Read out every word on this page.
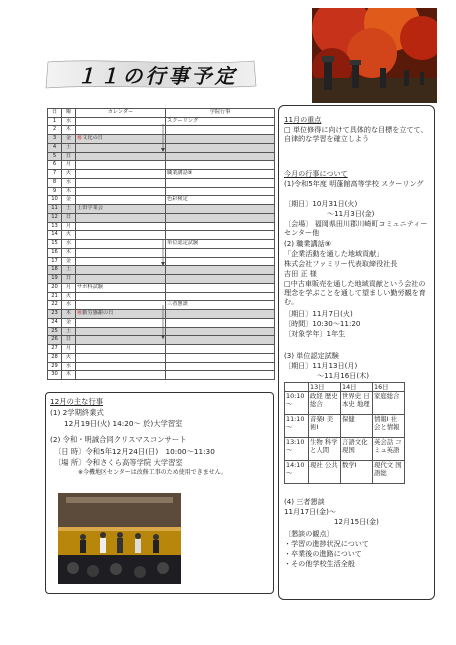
１１の行事予定
日	曜	カレンダー	学院行事
1	水		スクーリング
2	木		
3	金	㊗文化の日	
4	土		
5	日		
6	月		
7	火		職業講話⑨
8	水		
9	木		
10	金		色彩検定
11	土	土田学業会	
12	日		
13	月		
14	火		
15	水		単位認定試験
16	木		
17	金		
18	土		
19	日		
20	月	サポ科試験	
21	火		
22	水		三者懇談
23	木	㊗勤労感謝の日	
24	金		
25	土		
26	日		
27	月		
28	火		
29	水		
30	木		
11月の重点
□ 単位修得に向けて具体的な目標を立てて、自律的な学習を確立しよう
今月の行事について
(1)令和5年度 明蓬館高等学校 スクーリング
〔期日〕10月31日(火)
～11月3日(金)
〔会場〕 福岡県田川郡川崎町コミュニティーセンター他
(2) 職業講話⑨
「企業活動を通した地域貢献」
株式会社ファミリー代表取締役社長
吉田 正 様
□中古車販売を通した地域貢献という会社の理念を学ぶことを通して望ましい勤労観を育む。
〔期日〕11月7日(火)
〔時間〕10:30～11:20
〔対象学年〕1年生
(3) 単位認定試験
〔期日〕11月13日(月)
～11月16日(木)
	13日	14日	16日
10:10～	政経 歴史総合	世界史 日本史 地理	家庭総合
11:10～	音楽Ⅰ 美術Ⅰ	保健	情報Ⅰ 社会と情報
13:10～	生物 科学と人間	言語文化 現国	英会話 コミュ英語
14:10～	現社 公共	数学Ⅰ	現代文 国語総
(4) 三者懇談
11月17日(金)～
12月15日(金)
〔懇談の観点〕
・学習の進捗状況について
・卒業後の進路について
・その他学校生活全般
12月の主な行事
(1) 2学期終業式
12月19日(火) 14:20～ 於)大学習室
(2) 令和・明誠合同クリスマスコンサート
〔日 時〕令和5年12月24日(日)　10:00～11:30
〔場 所〕令和さくら高等学院 大学習室
※今機地区センターは改修工事のため使用できません。
